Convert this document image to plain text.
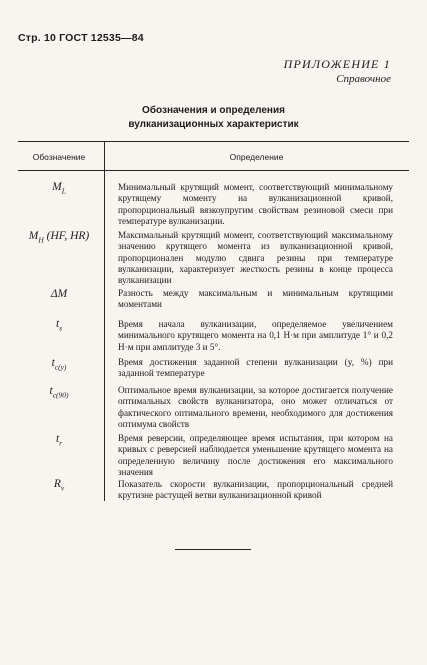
Стр. 10 ГОСТ 12535—84
ПРИЛОЖЕНИЕ 1
Справочное
Обозначения и определения
вулканизационных характеристик
Обозначение	Определение
$M_L$	Минимальный крутящий момент, соответствующий минимальному крутящему моменту на вулканизационной кривой, пропорциональный вязкоупругим свойствам резиновой смеси при температуре вулканизации.
$M_H$ (HF, HR)	Максимальный крутящий момент, соответствующий максимальному значению крутящего момента из вулканизационной кривой, пропорционален модулю сдвига резины при температуре вулканизации, характеризует жесткость резины в конце процесса вулканизации
ΔM	Разность между максимальным и минимальным крутящими моментами
$t_s$	Время начала вулканизации, определяемое увеличением минимального крутящего момента на 0,1 Н·м при амплитуде 1° и 0,2 Н·м при амплитуде 3 и 5°.
$t_{c(y)}$	Время достижения заданной степени вулканизации (y, %) при заданной температуре
$t_{c(90)}$	Оптимальное время вулканизации, за которое достигается получение оптимальных свойств вулканизатора, оно может отличаться от фактического оптимального времени, необходимого для достижения оптимума свойств
$t_r$	Время реверсии, определяющее время испытания, при котором на кривых с реверсией наблюдается уменьшение крутящего момента на определенную величину после достижения его максимального значения
$R_v$	Показатель скорости вулканизации, пропорциональный средней крутизне растущей ветви вулканизационной кривой
